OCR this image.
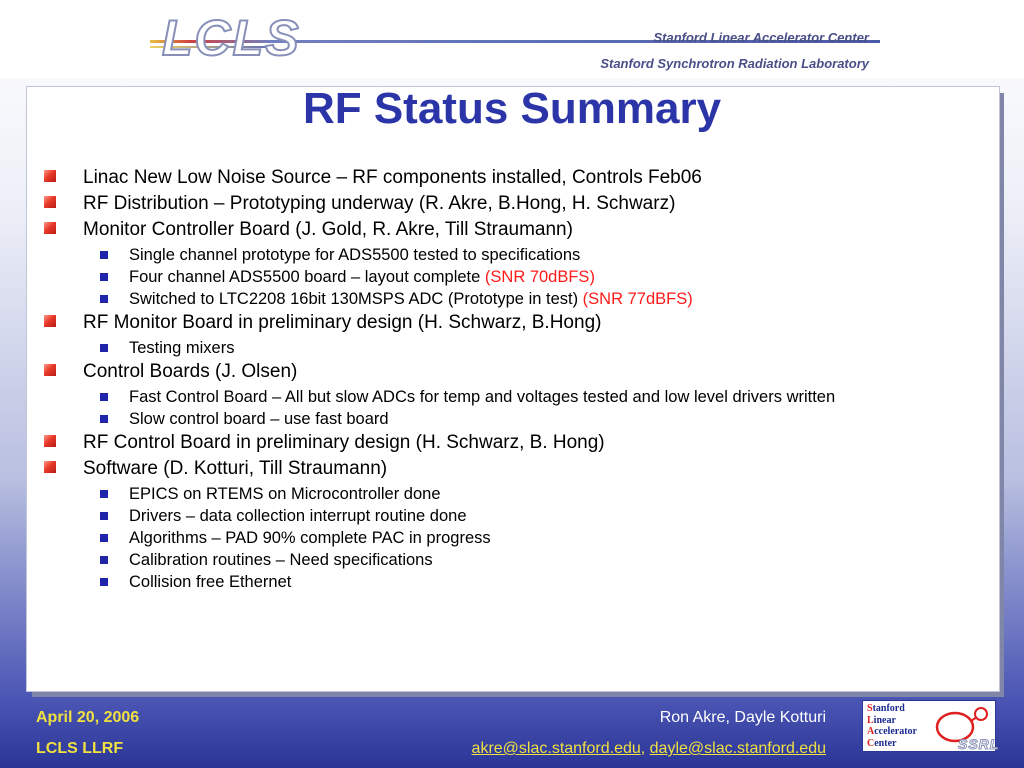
LCLS	Stanford Linear Accelerator Center
Stanford Synchrotron Radiation Laboratory
RF Status Summary
Linac New Low Noise Source – RF components installed, Controls Feb06
RF Distribution – Prototyping underway (R. Akre, B.Hong, H. Schwarz)
Monitor Controller Board (J. Gold, R. Akre, Till Straumann)
Single channel prototype for ADS5500 tested to specifications
Four channel ADS5500 board – layout complete (SNR 70dBFS)
Switched to LTC2208 16bit 130MSPS ADC (Prototype in test) (SNR 77dBFS)
RF Monitor Board in preliminary design (H. Schwarz, B.Hong)
Testing mixers
Control Boards (J. Olsen)
Fast Control Board – All but slow ADCs for temp and voltages tested and low level drivers written
Slow control board – use fast board
RF Control Board in preliminary design (H. Schwarz, B. Hong)
Software (D. Kotturi, Till Straumann)
EPICS on RTEMS on Microcontroller done
Drivers – data collection interrupt routine done
Algorithms – PAD 90% complete PAC in progress
Calibration routines – Need specifications
Collision free Ethernet
April 20, 2006
LCLS LLRF
Ron Akre, Dayle Kotturi
akre@slac.stanford.edu, dayle@slac.stanford.edu
Stanford
Linear
Accelerator
Center	SSRL
